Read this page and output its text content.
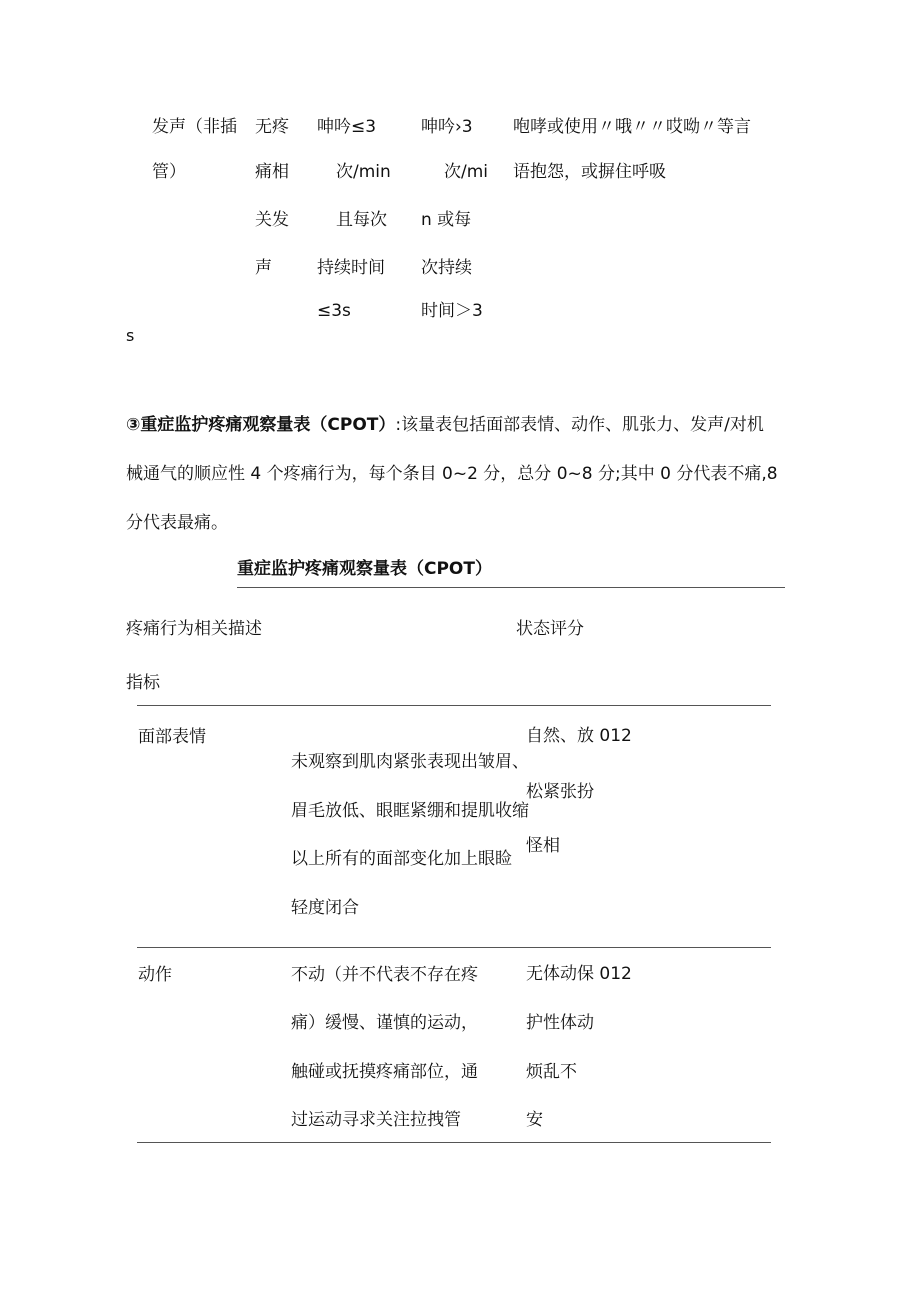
发声（非插
管）
无疼
痛相
关发
声
呻吟≤3
次/min
且每次
持续时间
≤3s
呻吟›3
次/mi
n 或每
次持续
时间＞3
咆哮或使用〃哦〃〃哎呦〃等言
语抱怨，或摒住呼吸
s
③重症监护疼痛观察量表（CPOT）:该量表包括面部表情、动作、肌张力、发声/对机
械通气的顺应性 4 个疼痛行为，每个条目 0~2 分，总分 0~8 分;其中 0 分代表不痛,8
分代表最痛。
重症监护疼痛观察量表（CPOT）
疼痛行为相关描述	状态评分
指标
面部表情
未观察到肌肉紧张表现出皱眉、
眉毛放低、眼眶紧绷和提肌收缩
以上所有的面部变化加上眼睑
轻度闭合
自然、放 012
松紧张扮
怪相
动作	不动（并不代表不存在疼
痛）缓慢、谨慎的运动，
触碰或抚摸疼痛部位，通
过运动寻求关注拉拽管
无体动保 012
护性体动
烦乱不
安
